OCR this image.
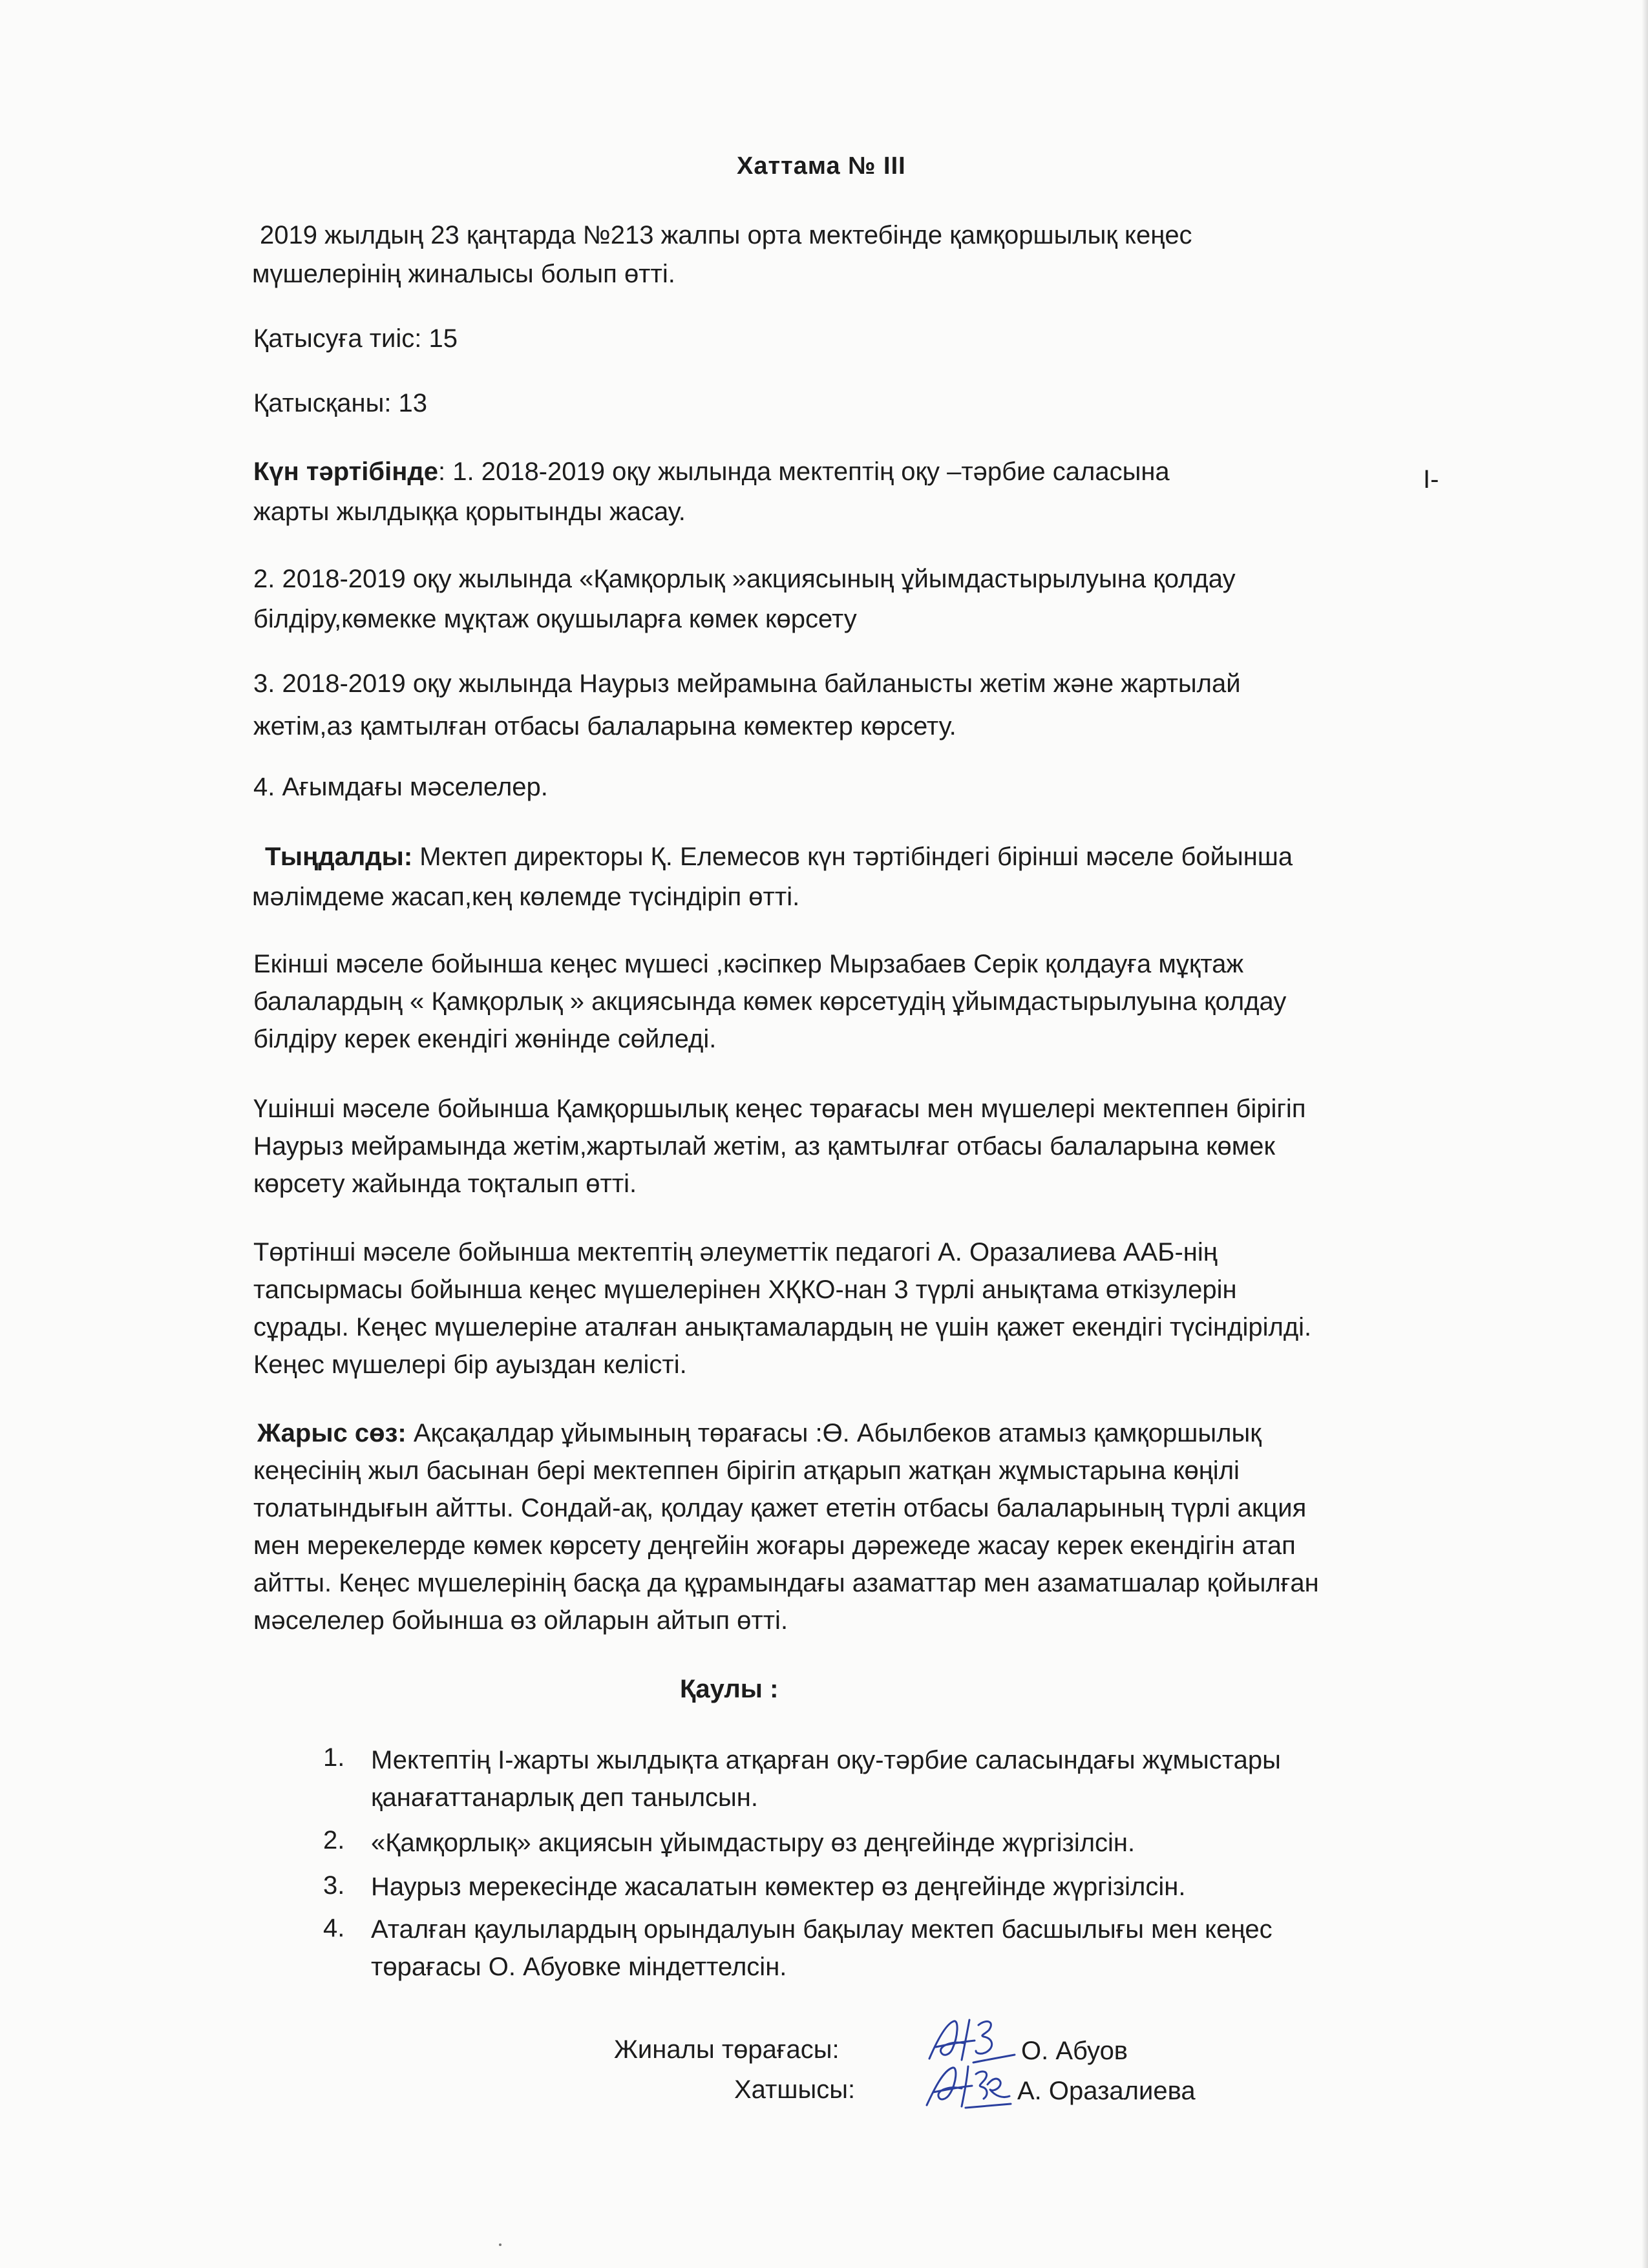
Хаттама № III
2019 жылдың 23 қаңтарда №213 жалпы орта мектебінде қамқоршылық кеңес
мүшелерінің жиналысы болып өтті.
Қатысуға тиіс: 15
Қатысқаны: 13
Күн тәртібінде: 1. 2018-2019 оқу жылында мектептің оқу –тәрбие саласына	І-
жарты жылдыққа қорытынды жасау.
2. 2018-2019 оқу жылында «Қамқорлық »акциясының ұйымдастырылуына қолдау
білдіру,көмекке мұқтаж оқушыларға көмек көрсету
3. 2018-2019 оқу жылында Наурыз мейрамына байланысты жетім және жартылай
жетім,аз қамтылған отбасы балаларына көмектер көрсету.
4. Ағымдағы мәселелер.
Тыңдалды: Мектеп директоры Қ. Елемесов күн тәртібіндегі бірінші мәселе бойынша
мәлімдеме жасап,кең көлемде түсіндіріп өтті.
Екінші мәселе бойынша кеңес мүшесі ,кәсіпкер Мырзабаев Серік қолдауға мұқтаж
балалардың « Қамқорлық » акциясында көмек көрсетудің ұйымдастырылуына қолдау
білдіру керек екендігі жөнінде сөйледі.
Үшінші мәселе бойынша Қамқоршылық кеңес төрағасы мен мүшелері мектеппен бірігіп
Наурыз мейрамында жетім,жартылай жетім, аз қамтылғаг отбасы балаларына көмек
көрсету жайында тоқталып өтті.
Төртінші мәселе бойынша мектептің әлеуметтік педагогі А. Оразалиева ААБ-нің
тапсырмасы бойынша кеңес мүшелерінен ХҚКО-нан 3 түрлі анықтама өткізулерін
сұрады. Кеңес мүшелеріне аталған анықтамалардың не үшін қажет екендігі түсіндірілді.
Кеңес мүшелері бір ауыздан келісті.
Жарыс сөз: Ақсақалдар ұйымының төрағасы :Ө. Абылбеков атамыз қамқоршылық
кеңесінің жыл басынан бері мектеппен бірігіп атқарып жатқан жұмыстарына көңілі
толатындығын айтты. Сондай-ақ, қолдау қажет ететін отбасы балаларының түрлі акция
мен мерекелерде көмек көрсету деңгейін жоғары дәрежеде жасау керек екендігін атап
айтты. Кеңес мүшелерінің басқа да құрамындағы азаматтар мен азаматшалар қойылған
мәселелер бойынша өз ойларын айтып өтті.
Қаулы :
1. Мектептің І-жарты жылдықта атқарған оқу-тәрбие саласындағы жұмыстары
қанағаттанарлық деп танылсын.
2. «Қамқорлық» акциясын ұйымдастыру өз деңгейінде жүргізілсін.
3. Наурыз мерекесінде жасалатын көмектер өз деңгейінде жүргізілсін.
4. Аталған қаулылардың орындалуын бақылау мектеп басшылығы мен кеңес
төрағасы О. Абуовке міндеттелсін.
Жиналы төрағасы:	О. Абуов
Хатшысы:	А. Оразалиева
